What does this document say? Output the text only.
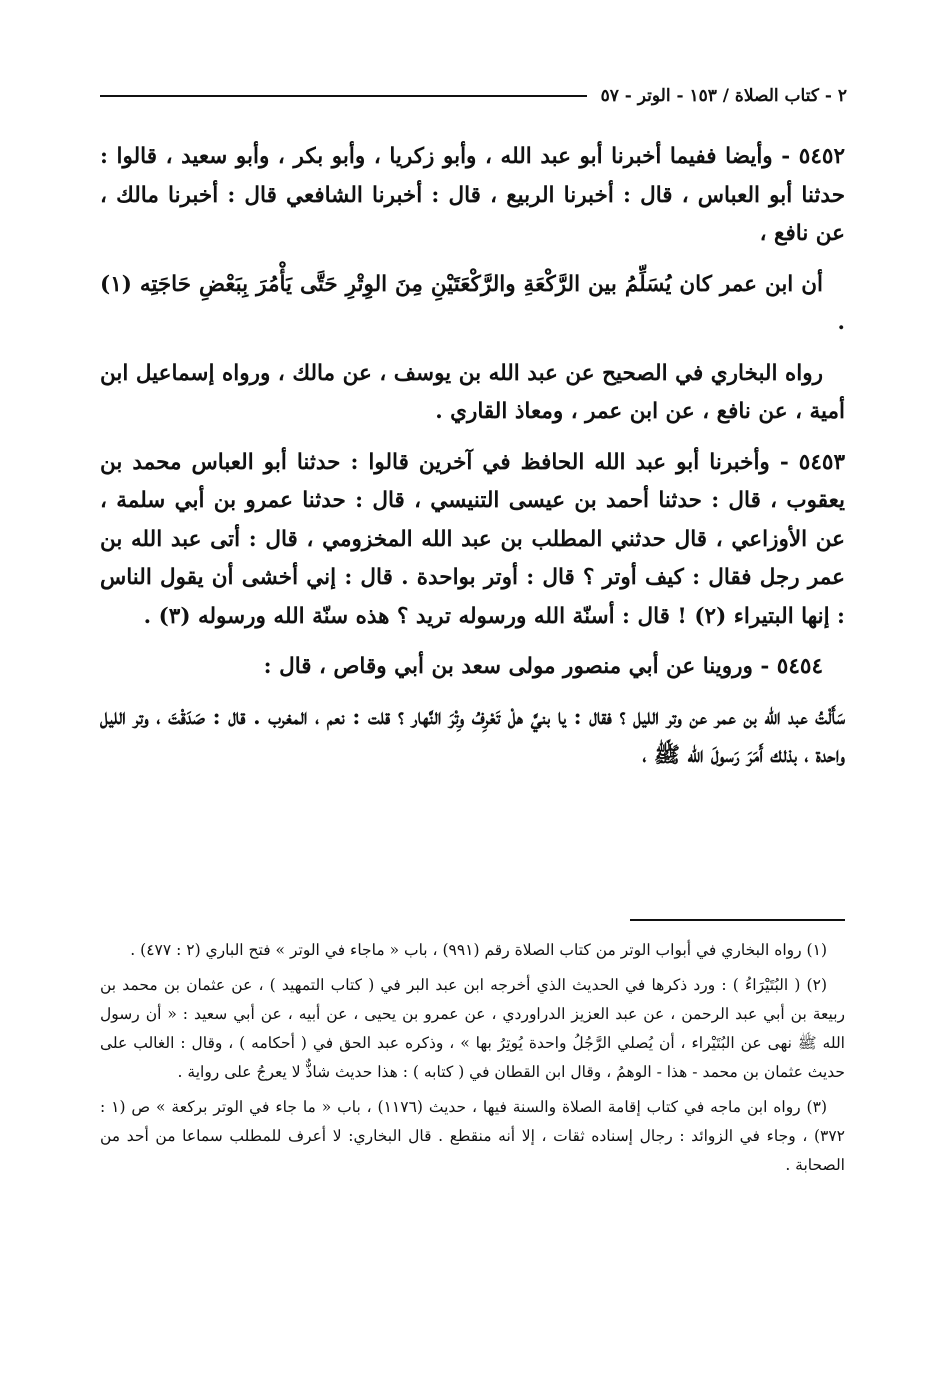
٢ - كتاب الصلاة / ١٥٣ - الوتر - ٥٧

٥٤٥٢ - وأيضا ففيما أخبرنا أبو عبد الله ، وأبو زكريا ، وأبو بكر ، وأبو سعيد ، قالوا : حدثنا أبو العباس ، قال : أخبرنا الربيع ، قال : أخبرنا الشافعي قال : أخبرنا مالك ، عن نافع ،

أن ابن عمر كان يُسَلِّمُ بين الرَّكْعَةِ والرَّكْعَتَيْنِ مِنَ الوِتْرِ حَتَّى يَأْمُرَ بِبَعْضِ حَاجَتِه (١) .

رواه البخاري في الصحيح عن عبد الله بن يوسف ، عن مالك ، ورواه إسماعيل ابن أمية ، عن نافع ، عن ابن عمر ، ومعاذ القاري .

٥٤٥٣ - وأخبرنا أبو عبد الله الحافظ في آخرين قالوا : حدثنا أبو العباس محمد بن يعقوب ، قال : حدثنا أحمد بن عيسى التنيسي ، قال : حدثنا عمرو بن أبي سلمة ، عن الأوزاعي ، قال حدثني المطلب بن عبد الله المخزومي ، قال : أتى عبد الله بن عمر رجل فقال : كيف أوتر ؟ قال : أوتر بواحدة . قال : إني أخشى أن يقول الناس : إنها البتيراء (٢) ! قال : أسنّة الله ورسوله تريد ؟ هذه سنّة الله ورسوله (٣) .

٥٤٥٤ - وروينا عن أبي منصور مولى سعد بن أبي وقاص ، قال :

سَأَلْتُ عبد الله بن عمر عن وتر الليل ؟ فقال : يا بنيَّ هلْ تَعْرِفُ وِتْرَ النَّهار ؟ قلت : نعم ، المغرب . قال : صَدَقْتَ ، وتر الليل واحدة ، بذلك أَمَرَ رَسولَ الله ﷺ ،

(١) رواه البخاري في أبواب الوتر من كتاب الصلاة رقم (٩٩١) ، باب « ماجاء في الوتر » فتح الباري (٢ : ٤٧٧) .

(٢) ( البُتَيْرَاءُ ) : ورد ذكرها في الحديث الذي أخرجه ابن عبد البر في ( كتاب التمهيد ) ، عن عثمان بن محمد بن ربيعة بن أبي عبد الرحمن ، عن عبد العزيز الدراوردي ، عن عمرو بن يحيى ، عن أبيه ، عن أبي سعيد : « أن رسول الله ﷺ نهى عن البُتَيْراء ، أن يُصلي الرَّجُلُ واحدة يُوتِرُ بها » ، وذكره عبد الحق في ( أحكامه ) ، وقال : الغالب على حديث عثمان بن محمد - هذا - الوهمُ ، وقال ابن القطان في ( كتابه ) : هذا حديث شاذٌّ لا يعرجُ على رواية .

(٣) رواه ابن ماجه في كتاب إقامة الصلاة والسنة فيها ، حديث (١١٧٦) ، باب « ما جاء في الوتر بركعة » ص (١ : ٣٧٢) ، وجاء في الزوائد : رجال إسناده ثقات ، إلا أنه منقطع . قال البخاري: لا أعرف للمطلب سماعا من أحد من الصحابة .
